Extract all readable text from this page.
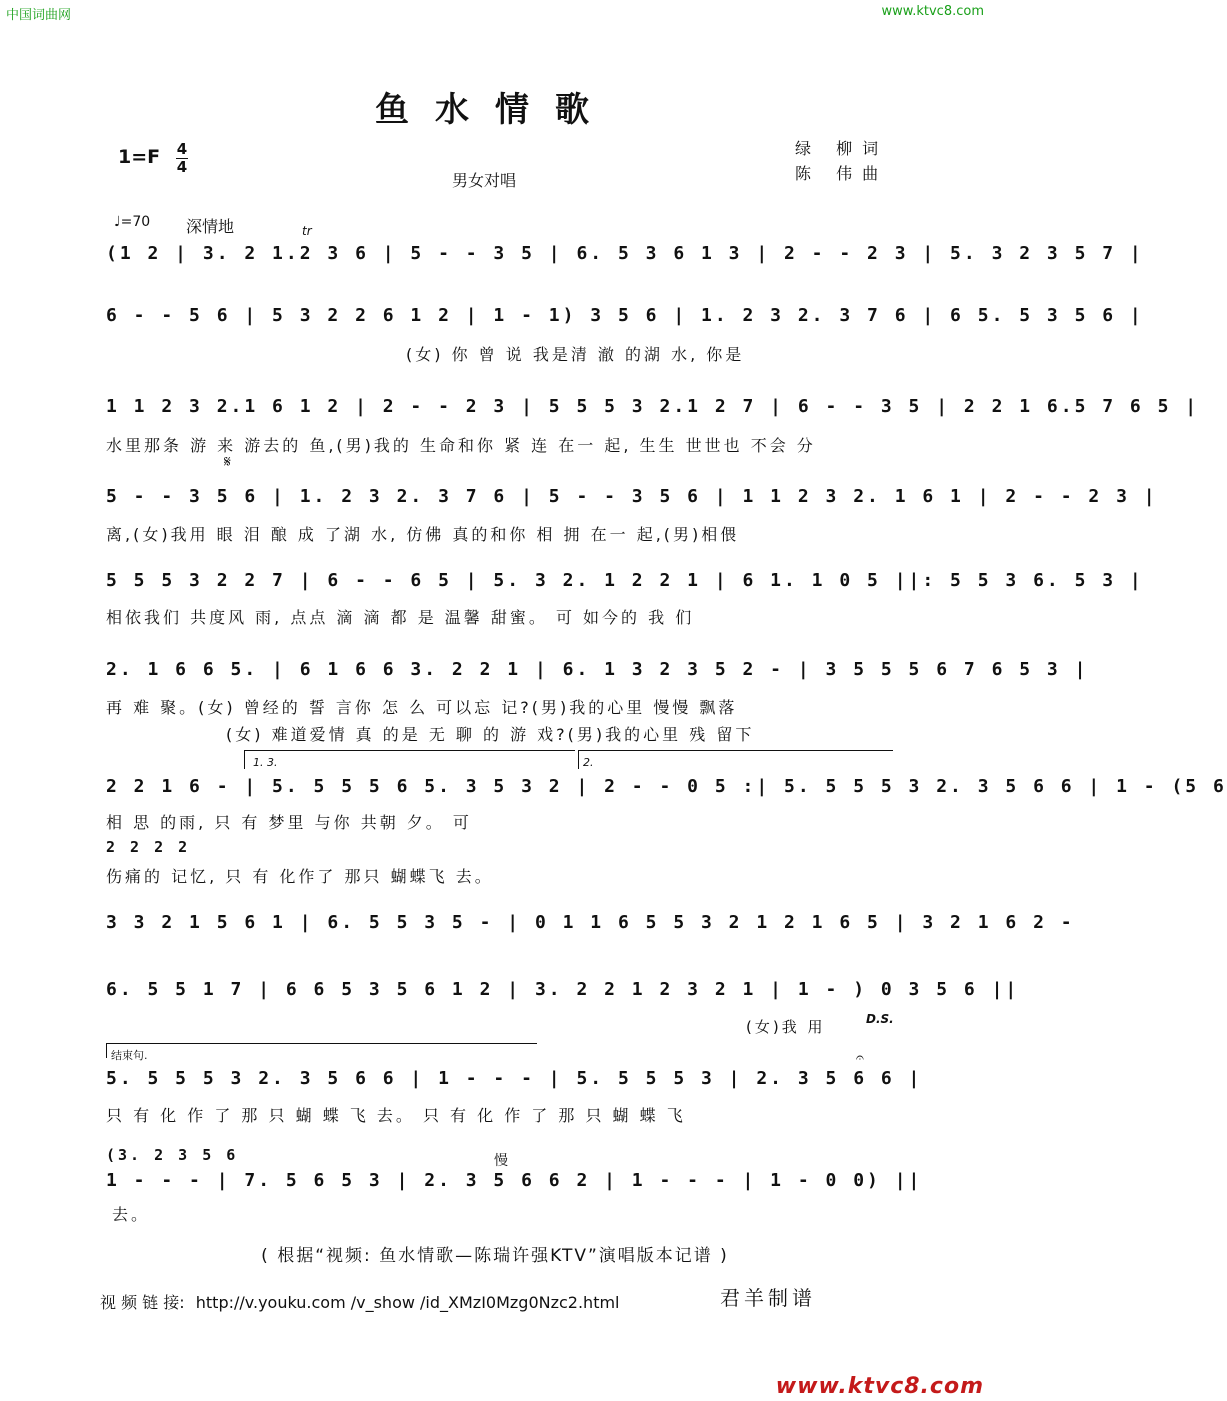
中国词曲网	www.ktvc8.com
鱼水情歌
1=F 4
4
绿 柳词
陈 伟曲
男女对唱
♩=70 深情地	tr
(1 2 | 3. 2 1.2 3 6 | 5 - - 3 5 | 6. 5 3 6 1 3 | 2 - - 2 3 | 5. 3 2 3 5 7 |
6 - - 5 6 | 5 3 2 2 6 1 2 | 1 - 1) 3 5 6 | 1. 2 3 2. 3 7 6 | 6 5. 5 3 5 6 |
(女) 你 曾 说 我是清 澈 的湖 水, 你是
1 1 2 3 2.1 6 1 2 | 2 - - 2 3 | 5 5 5 3 2.1 2 7 | 6 - - 3 5 | 2 2 1 6.5 7 6 5 |
水里那条 游 来 游去的 鱼,(男)我的 生命和你 紧 连 在一 起, 生生 世世也 不会 分
𝄋
5 - - 3 5 6 | 1. 2 3 2. 3 7 6 | 5 - - 3 5 6 | 1 1 2 3 2. 1 6 1 | 2 - - 2 3 |
离,(女)我用 眼 泪 酿 成 了湖 水, 仿佛 真的和你 相 拥 在一 起,(男)相偎
5 5 5 3 2 2 7 | 6 - - 6 5 | 5. 3 2. 1 2 2 1 | 6 1. 1 0 5 ||: 5 5 3 6. 5 3 |
相依我们 共度风 雨, 点点 滴 滴 都 是 温馨 甜蜜。 可 如今的 我 们
2. 1 6 6 5. | 6 1 6 6 3. 2 2 1 | 6. 1 3 2 3 5 2 - | 3 5 5 5 6 7 6 5 3 |
再 难 聚。(女) 曾经的 誓 言你 怎 么 可以忘 记?(男)我的心里 慢慢 飘落
(女) 难道爱情 真 的是 无 聊 的 游 戏?(男)我的心里 残 留下
1. 3.	2.
2 2 1 6 - | 5. 5 5 5 6 5. 3 5 3 2 | 2 - - 0 5 :| 5. 5 5 5 3 2. 3 5 6 6 | 1 - (5 6
相 思 的雨, 只 有 梦里 与你 共朝 夕。 可
2 2 2 2
伤痛的 记忆, 只 有 化作了 那只 蝴蝶飞 去。
3 3 2 1 5 6 1 | 6. 5 5 3 5 - | 0 1 1 6 5 5 3 2 1 2 1 6 5 | 3 2 1 6 2 -
6. 5 5 1 7 | 6 6 5 3 5 6 1 2 | 3. 2 2 1 2 3 2 1 | 1 - ) 0 3 5 6 ||
(女)我 用	D.S.
结束句.	𝄐
5. 5 5 5 3 2. 3 5 6 6 | 1 - - - | 5. 5 5 5 3 | 2. 3 5 6 6 |
只 有 化 作 了 那 只 蝴 蝶 飞 去。 只 有 化 作 了 那 只 蝴 蝶 飞
(3. 2 3 5 6	慢
1 - - - | 7. 5 6 5 3 | 2. 3 5 6 6 2 | 1 - - - | 1 - 0 0) ||
去。
( 根据“视频: 鱼水情歌—陈瑞许强KTV”演唱版本记谱 )
视 频 链 接: http://v.youku.com /v_show /id_XMzI0Mzg0Nzc2.html	君羊制谱
www.ktvc8.com
